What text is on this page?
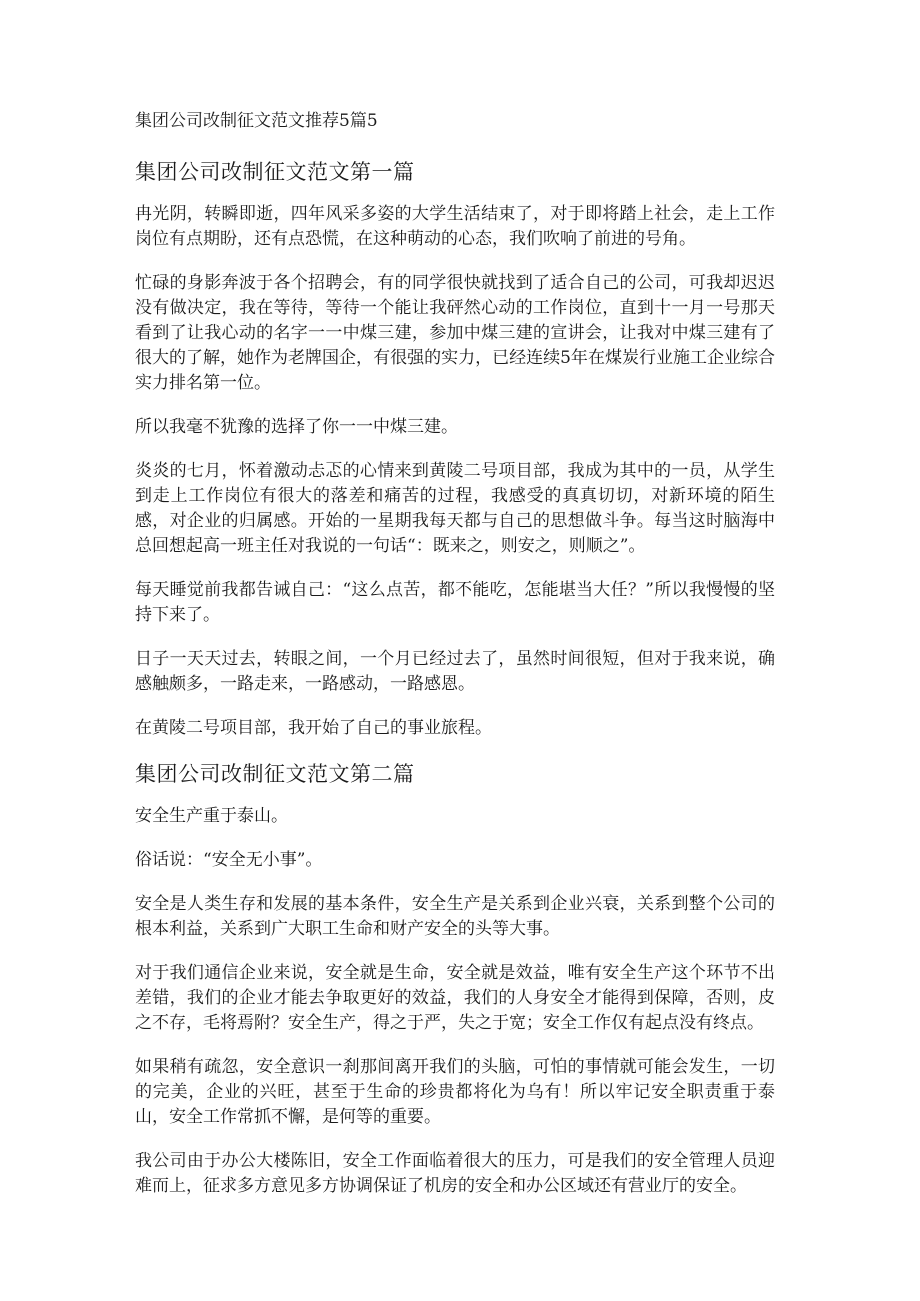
集团公司改制征文范文推荐5篇5
集团公司改制征文范文第一篇

冉光阴，转瞬即逝，四年风采多姿的大学生活结束了，对于即将踏上社会，走上工作岗位有点期盼，还有点恐慌，在这种萌动的心态，我们吹响了前进的号角。

忙碌的身影奔波于各个招聘会，有的同学很快就找到了适合自己的公司，可我却迟迟没有做决定，我在等待，等待一个能让我砰然心动的工作岗位，直到十一月一号那天看到了让我心动的名字一一中煤三建，参加中煤三建的宣讲会，让我对中煤三建有了很大的了解，她作为老牌国企，有很强的实力，已经连续5年在煤炭行业施工企业综合实力排名第一位。

所以我毫不犹豫的选择了你一一中煤三建。

炎炎的七月，怀着激动忐忑的心情来到黄陵二号项目部，我成为其中的一员，从学生到走上工作岗位有很大的落差和痛苦的过程，我感受的真真切切，对新环境的陌生感，对企业的归属感。开始的一星期我每天都与自己的思想做斗争。每当这时脑海中总回想起高一班主任对我说的一句话“：既来之，则安之，则顺之”。

每天睡觉前我都告诫自己：“这么点苦，都不能吃，怎能堪当大任？”所以我慢慢的坚持下来了。

日子一天天过去，转眼之间，一个月已经过去了，虽然时间很短，但对于我来说，确感触颇多，一路走来，一路感动，一路感恩。

在黄陵二号项目部，我开始了自己的事业旅程。

集团公司改制征文范文第二篇

安全生产重于泰山。

俗话说：“安全无小事”。

安全是人类生存和发展的基本条件，安全生产是关系到企业兴衰，关系到整个公司的根本利益，关系到广大职工生命和财产安全的头等大事。

对于我们通信企业来说，安全就是生命，安全就是效益，唯有安全生产这个环节不出差错，我们的企业才能去争取更好的效益，我们的人身安全才能得到保障，否则，皮之不存，毛将焉附？安全生产，得之于严，失之于宽；安全工作仅有起点没有终点。

如果稍有疏忽，安全意识一刹那间离开我们的头脑，可怕的事情就可能会发生，一切的完美，企业的兴旺，甚至于生命的珍贵都将化为乌有！所以牢记安全职责重于泰山，安全工作常抓不懈，是何等的重要。

我公司由于办公大楼陈旧，安全工作面临着很大的压力，可是我们的安全管理人员迎难而上，征求多方意见多方协调保证了机房的安全和办公区域还有营业厅的安全。
